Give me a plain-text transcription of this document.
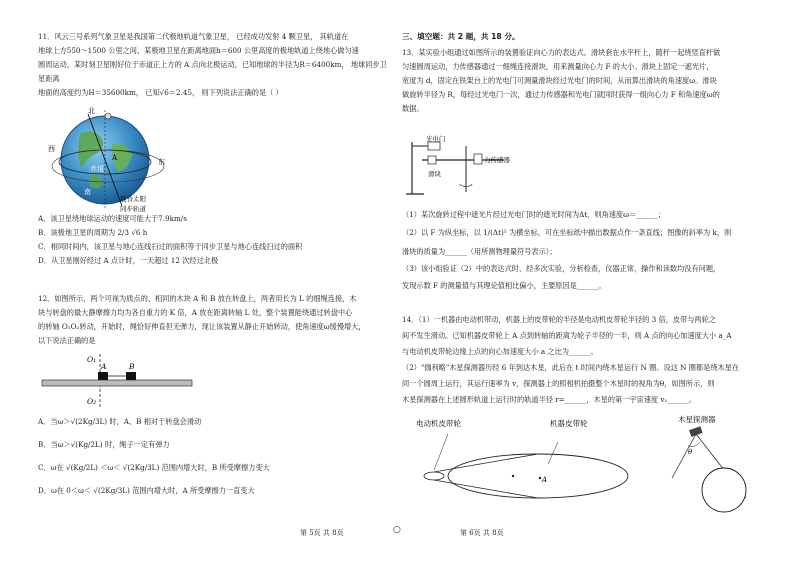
11．风云三号系列气象卫星是我国第二代极地轨道气象卫星， 已经成功发射 4 颗卫星， 其轨道在

地球上方550～1500 公里之间，某极地卫星在距离地面h＝600 公里高度的极地轨道上绕地心做匀速

圆周运动，某时刻卫星刚好位于赤道正上方的 A 点向北极运动，已知地球的半径为R＝6400km， 地球同步卫星距离

地面的高度约为H＝35600km， 已知√6＝2.45， 则下列说法正确的是（ ）

北
西
东
赤道
南
晨昏太阳
同步轨道
A

A．该卫星绕地球运动的速度可能大于7.9km/s

B．该极地卫星的周期为 2/3 √6 h

C．相同时间内，该卫星与地心连线扫过的面积等于同步卫星与地心连线扫过的面积

D．从卫星刚好经过 A 点计时，一天超过 12 次经过北极

12．如图所示，两个可视为质点的、相同的木块 A 和 B 放在转盘上，两者用长为 L 的细绳连接，木

块与转盘的最大静摩擦力均为各自重力的 K 倍，A 放在距离转轴 L 处，整个装置能绕通过转盘中心

的转轴 O₁O₂转动，开始时，绳恰好伸直但无弹力，现让该装置从静止开始转动，使角速度ω缓慢增大，

以下说法正确的是

O₁
O₂
A	B

A．当ω＞√(2Kg/3L) 时，A、B 相对于转盘会滑动

B．当ω＞√(Kg/2L) 时，绳子一定有弹力

C．ω在 √(Kg/2L) ＜ω＜ √(2Kg/3L) 范围内增大时，B 所受摩擦力变大

D．ω在 0＜ω＜ √(2Kg/3L) 范围内增大时，A 所受摩擦力一直变大

三、填空题：共 2 题，共 18 分。

13．某实验小组通过如图所示的装置验证向心力的表达式。滑块套在水平杆上，随杆一起绕竖直杆做

匀速圆周运动，力传感器通过一细绳连接滑块，用来测量向心力 F 的大小。滑块上固定一遮光片，

宽度为 d，固定在铁架台上的光电门可测量滑块经过光电门的时间，从而算出滑块的角速度ω。滑块

做旋转半径为 R，每经过光电门一次，通过力传感器和光电门就同时获得一组向心力 F 和角速度ω的

数据。

光电门
力传感器
滑块

（1）某次旋转过程中遮光片经过光电门时的遮光时间为Δt，则角速度ω＝______；

（2）以 F 为纵坐标，以 1/(Δt)² 为横坐标，可在坐标纸中描出数据点作一条直线；图像的斜率为 k，则

滑块的质量为______（用所测物理量符号表示）；

（3）该小组验证（2）中的表达式时，经多次实验，分析检查，仪器正常，操作和读数均没有问题，

发现示数 F 的测量值与其理论值相比偏小，主要原因是______。

14．（1）一机器由电动机带动，机器上的皮带轮的半径是电动机皮带轮半径的 3 倍，皮带与两轮之

间不发生滑动。已知机器皮带轮上 A 点到转轴的距离为轮子半径的一半，则 A 点的向心加速度大小 a_A

与电动机皮带轮边缘上点的向心加速度大小 a 之比为______。

（2）"伽利略"木星探测器历经 6 年到达木星，此后在 t 时间内绕木星运行 N 圈。设这 N 圈都是绕木星在

同一个圆周上运行，其运行速率为 v，探测器上的照相机拍摄整个木星时的视角为θ，如图所示，则

木星探测器在上述圆形轨道上运行时的轨道半径 r=______，木星的第一宇宙速度 v₁______。

电动机皮带轮	机器皮带轮
A
木星探测器
θ
第 5页 共 8页	○	第 6页 共 8页
